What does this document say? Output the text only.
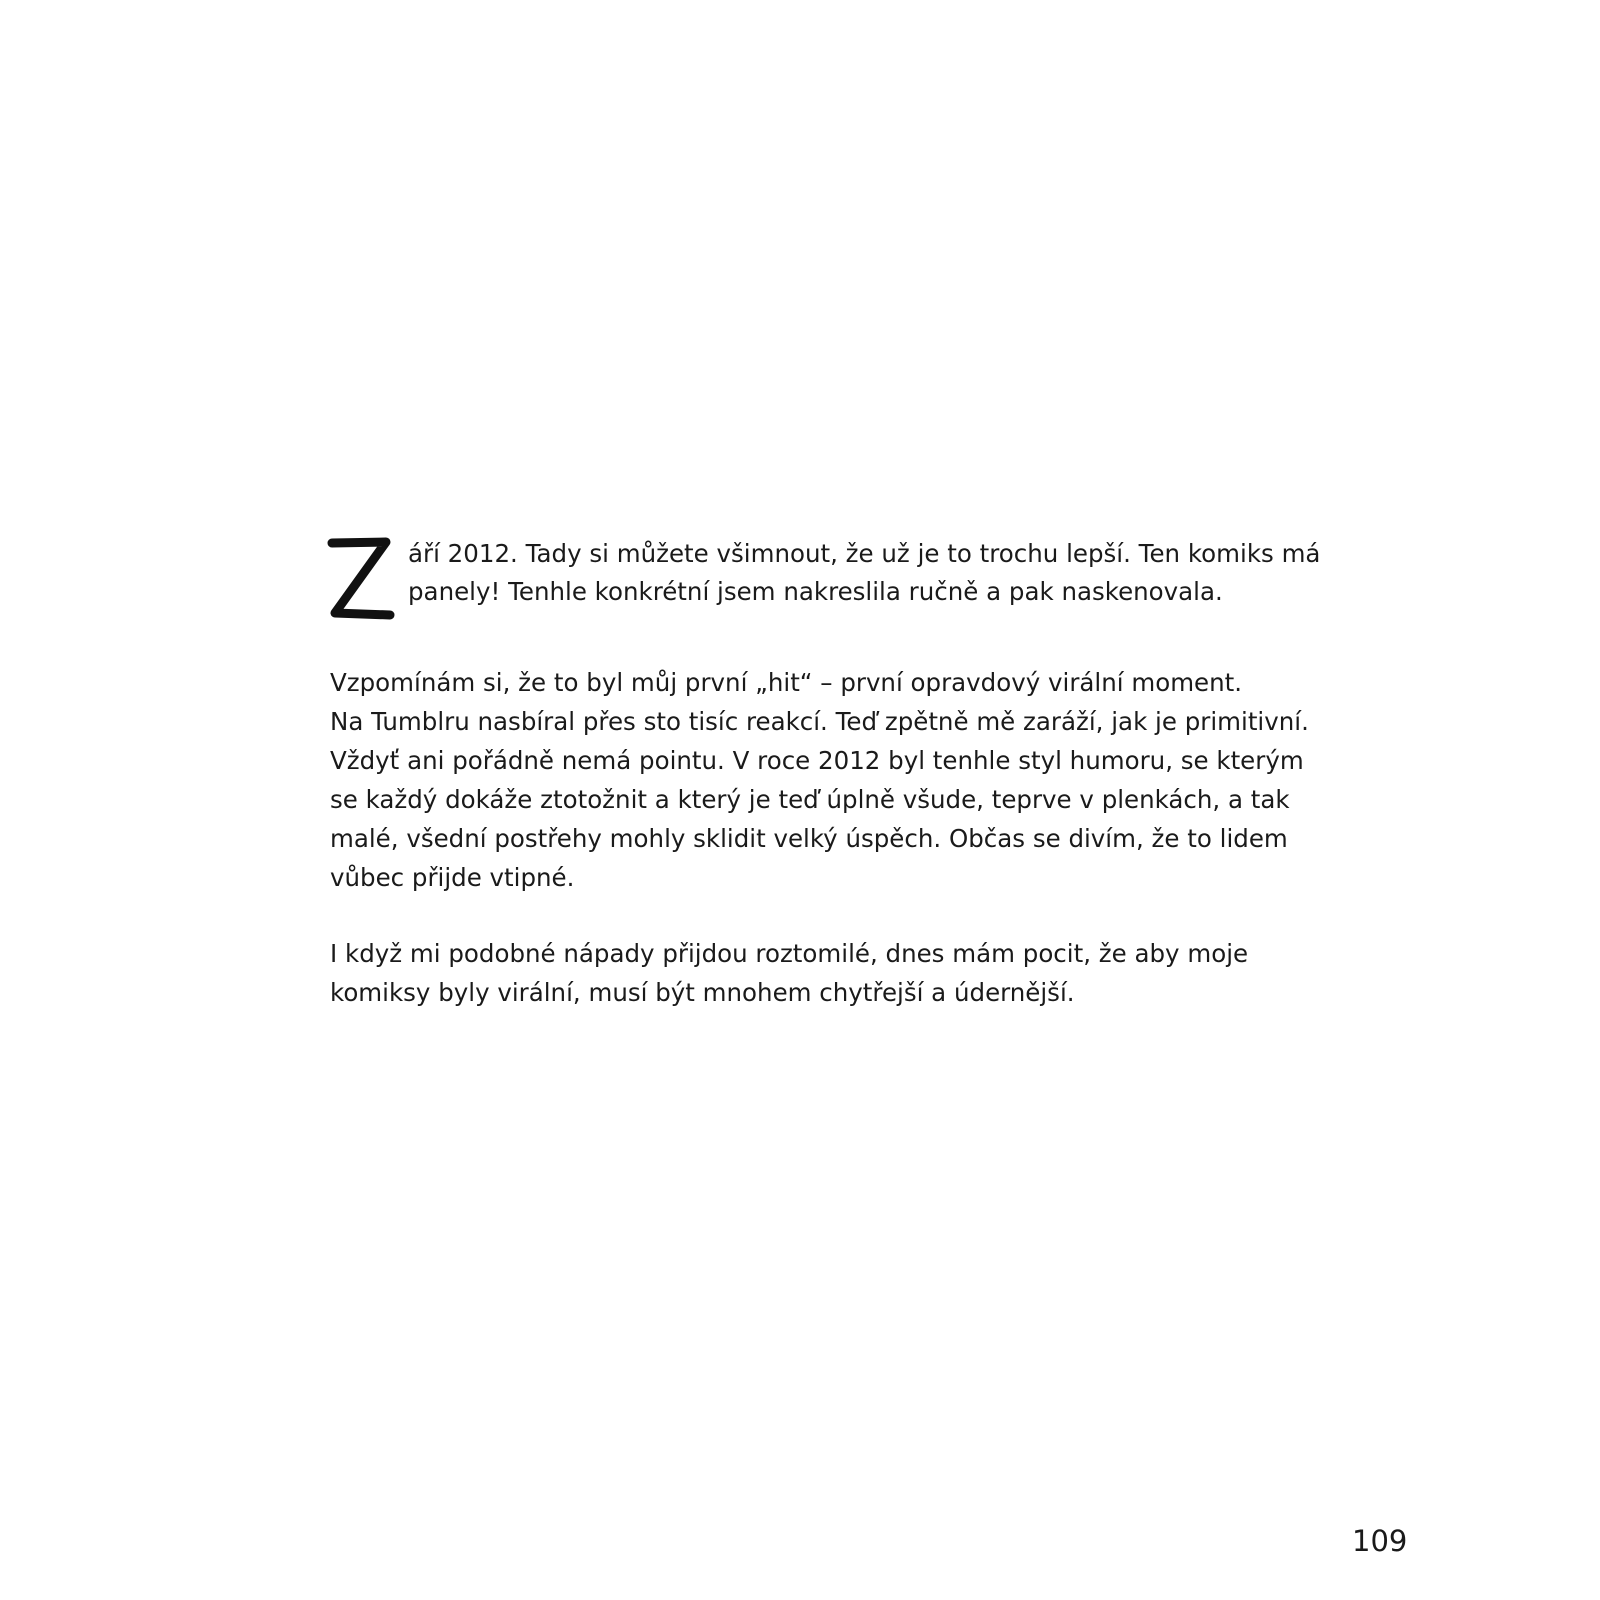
áří 2012. Tady si můžete všimnout, že už je to trochu lepší. Ten komiks má

panely! Tenhle konkrétní jsem nakreslila ručně a pak naskenovala.

Vzpomínám si, že to byl můj první „hit“ – první opravdový virální moment.

Na Tumblru nasbíral přes sto tisíc reakcí. Teď zpětně mě zaráží, jak je primitivní.

Vždyť ani pořádně nemá pointu. V roce 2012 byl tenhle styl humoru, se kterým

se každý dokáže ztotožnit a který je teď úplně všude, teprve v plenkách, a tak

malé, všední postřehy mohly sklidit velký úspěch. Občas se divím, že to lidem

vůbec přijde vtipné.

I když mi podobné nápady přijdou roztomilé, dnes mám pocit, že aby moje

komiksy byly virální, musí být mnohem chytřejší a údernější.

109
